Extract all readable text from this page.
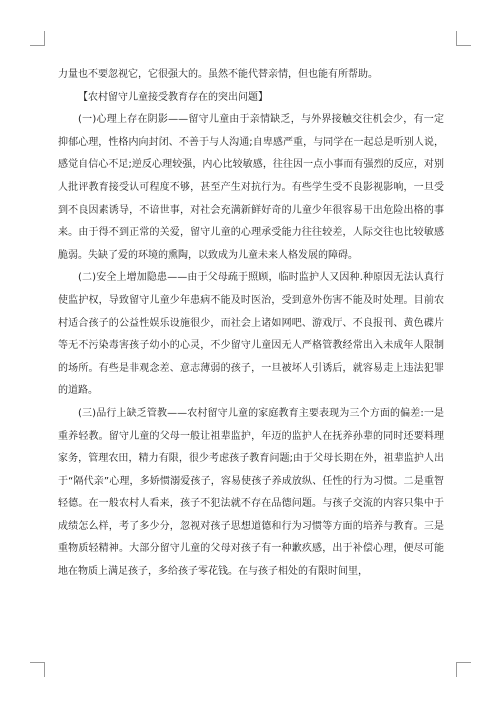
力量也不要忽视它，它很强大的。虽然不能代替亲情，但也能有所帮助。

【农村留守儿童接受教育存在的突出问题】

(一)心理上存在阴影——留守儿童由于亲情缺乏，与外界接触交往机会少，有一定抑郁心理，性格内向封闭、不善于与人沟通;自卑感严重，与同学在一起总是听别人说，感觉自信心不足;逆反心理较强，内心比较敏感，往往因一点小事而有强烈的反应，对别人批评教育接受认可程度不够，甚至产生对抗行为。有些学生受不良影视影响，一旦受到不良因素诱导，不谙世事，对社会充满新鲜好奇的儿童少年很容易干出危险出格的事来。由于得不到正常的关爱，留守儿童的心理承受能力往往较差，人际交往也比较敏感脆弱。失缺了爱的环境的熏陶，以致成为儿童未来人格发展的障碍。

(二)安全上增加隐患——由于父母疏于照顾，临时监护人又因种.种原因无法认真行使监护权，导致留守儿童少年患病不能及时医治，受到意外伤害不能及时处理。目前农村适合孩子的公益性娱乐设施很少，而社会上诸如网吧、游戏厅、不良报刊、黄色碟片等无不污染毒害孩子幼小的心灵，不少留守儿童因无人严格管教经常出入未成年人限制的场所。有些是非观念差、意志薄弱的孩子，一旦被坏人引诱后，就容易走上违法犯罪的道路。

(三)品行上缺乏管教——农村留守儿童的家庭教育主要表现为三个方面的偏差:一是重养轻教。留守儿童的父母一般让祖辈监护，年迈的监护人在抚养孙辈的同时还要料理家务，管理农田，精力有限，很少考虑孩子教育问题;由于父母长期在外，祖辈监护人出于“隔代亲”心理，多娇惯溺爱孩子，容易使孩子养成放纵、任性的行为习惯。二是重智轻德。在一般农村人看来，孩子不犯法就不存在品德问题。与孩子交流的内容只集中于成绩怎么样，考了多少分，忽视对孩子思想道德和行为习惯等方面的培养与教育。三是重物质轻精神。大部分留守儿童的父母对孩子有一种歉疚感，出于补偿心理，便尽可能地在物质上满足孩子，多给孩子零花钱。在与孩子相处的有限时间里，
